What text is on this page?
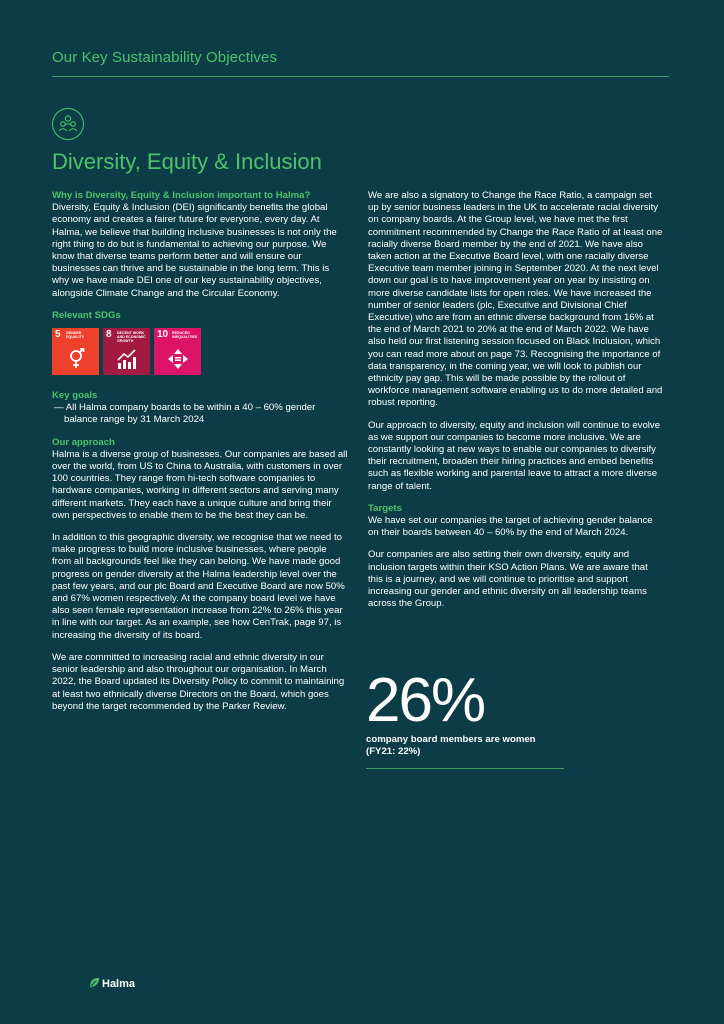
Our Key Sustainability Objectives
Diversity, Equity & Inclusion
Why is Diversity, Equity & Inclusion important to Halma?

Diversity, Equity & Inclusion (DEI) significantly benefits the global economy and creates a fairer future for everyone, every day. At Halma, we believe that building inclusive businesses is not only the right thing to do but is fundamental to achieving our purpose. We know that diverse teams perform better and will ensure our businesses can thrive and be sustainable in the long term. This is why we have made DEI one of our key sustainability objectives, alongside Climate Change and the Circular Economy.

Relevant SDGs
5 GENDER EQUALITY	8 DECENT WORK AND ECONOMIC GROWTH
10 REDUCED INEQUALITIES
Key goals

— All Halma company boards to be within a 40 – 60% gender balance range by 31 March 2024

Our approach

Halma is a diverse group of businesses. Our companies are based all over the world, from US to China to Australia, with customers in over 100 countries. They range from hi-tech software companies to hardware companies, working in different sectors and serving many different markets. They each have a unique culture and bring their own perspectives to enable them to be the best they can be.

In addition to this geographic diversity, we recognise that we need to make progress to build more inclusive businesses, where people from all backgrounds feel like they can belong. We have made good progress on gender diversity at the Halma leadership level over the past few years, and our plc Board and Executive Board are now 50% and 67% women respectively. At the company board level we have also seen female representation increase from 22% to 26% this year in line with our target. As an example, see how CenTrak, page 97, is increasing the diversity of its board.

We are committed to increasing racial and ethnic diversity in our senior leadership and also throughout our organisation. In March 2022, the Board updated its Diversity Policy to commit to maintaining at least two ethnically diverse Directors on the Board, which goes beyond the target recommended by the Parker Review.

We are also a signatory to Change the Race Ratio, a campaign set up by senior business leaders in the UK to accelerate racial diversity on company boards. At the Group level, we have met the first commitment recommended by Change the Race Ratio of at least one racially diverse Board member by the end of 2021. We have also taken action at the Executive Board level, with one racially diverse Executive team member joining in September 2020. At the next level down our goal is to have improvement year on year by insisting on more diverse candidate lists for open roles. We have increased the number of senior leaders (plc, Executive and Divisional Chief Executive) who are from an ethnic diverse background from 16% at the end of March 2021 to 20% at the end of March 2022. We have also held our first listening session focused on Black Inclusion, which you can read more about on page 73. Recognising the importance of data transparency, in the coming year, we will look to publish our ethnicity pay gap. This will be made possible by the rollout of workforce management software enabling us to do more detailed and robust reporting.

Our approach to diversity, equity and inclusion will continue to evolve as we support our companies to become more inclusive. We are constantly looking at new ways to enable our companies to diversify their recruitment, broaden their hiring practices and embed benefits such as flexible working and parental leave to attract a more diverse range of talent.

Targets

We have set our companies the target of achieving gender balance on their boards between 40 – 60% by the end of March 2024.

Our companies are also setting their own diversity, equity and inclusion targets within their KSO Action Plans. We are aware that this is a journey, and we will continue to prioritise and support increasing our gender and ethnic diversity on all leadership teams across the Group.

26%
company board members are women
(FY21: 22%)
Halma
